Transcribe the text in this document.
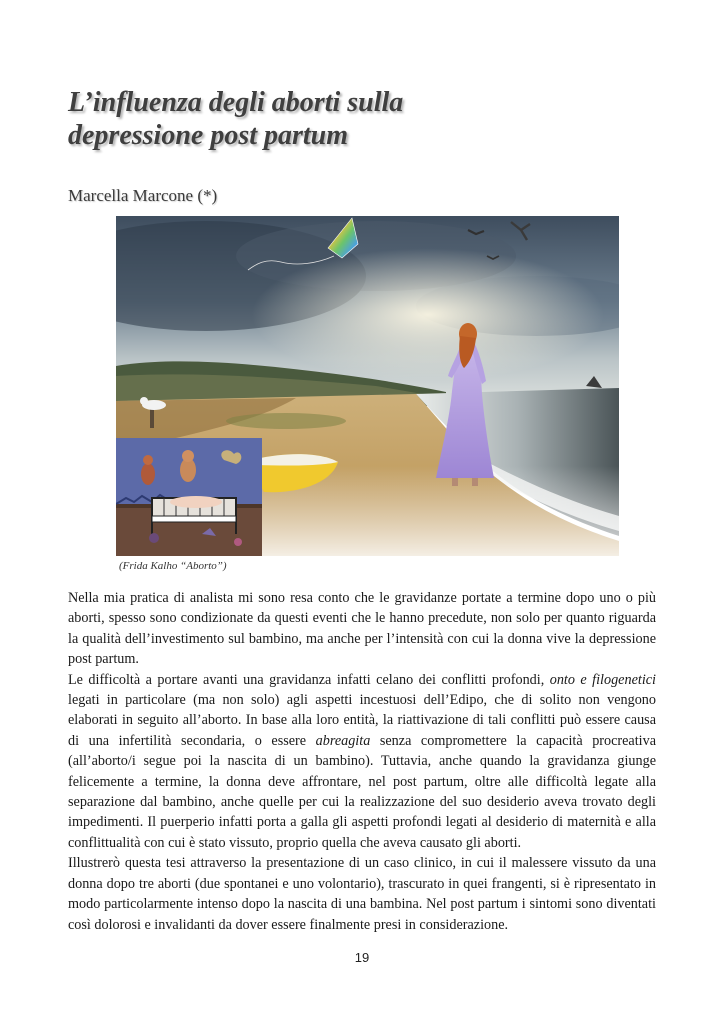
L’influenza degli aborti sulla
depressione post partum

Marcella Marcone (*)

(Frida Kalho “Aborto”)

Nella mia pratica di analista mi sono resa conto che le gravidanze portate a termine dopo uno o più aborti, spesso sono condizionate da questi eventi che le hanno precedute, non solo per quanto riguarda la qualità dell’investimento sul bambino, ma anche per l’intensità con cui la donna vive la depressione post partum.

Le difficoltà a portare avanti una gravidanza infatti celano dei conflitti profondi, onto e filogenetici legati in particolare (ma non solo) agli aspetti incestuosi dell’Edipo, che di solito non vengono elaborati in seguito all’aborto. In base alla loro entità, la riattivazione di tali conflitti può essere causa di una infertilità secondaria, o essere abreagita senza compromettere la capacità procreativa (all’aborto/i segue poi la nascita di un bambino). Tuttavia, anche quando la gravidanza giunge felicemente a termine, la donna deve affrontare, nel post partum, oltre alle difficoltà legate alla separazione dal bambino, anche quelle per cui la realizzazione del suo desiderio aveva trovato degli impedimenti. Il puerperio infatti porta a galla gli aspetti profondi legati al desiderio di maternità e alla conflittualità con cui è stato vissuto, proprio quella che aveva causato gli aborti.

Illustrerò questa tesi attraverso la presentazione di un caso clinico, in cui il malessere vissuto da una donna dopo tre aborti (due spontanei e uno volontario), trascurato in quei frangenti, si è ripresentato in modo particolarmente intenso dopo la nascita di una bambina. Nel post partum i sintomi sono diventati così dolorosi e invalidanti da dover essere finalmente presi in considerazione.

19
